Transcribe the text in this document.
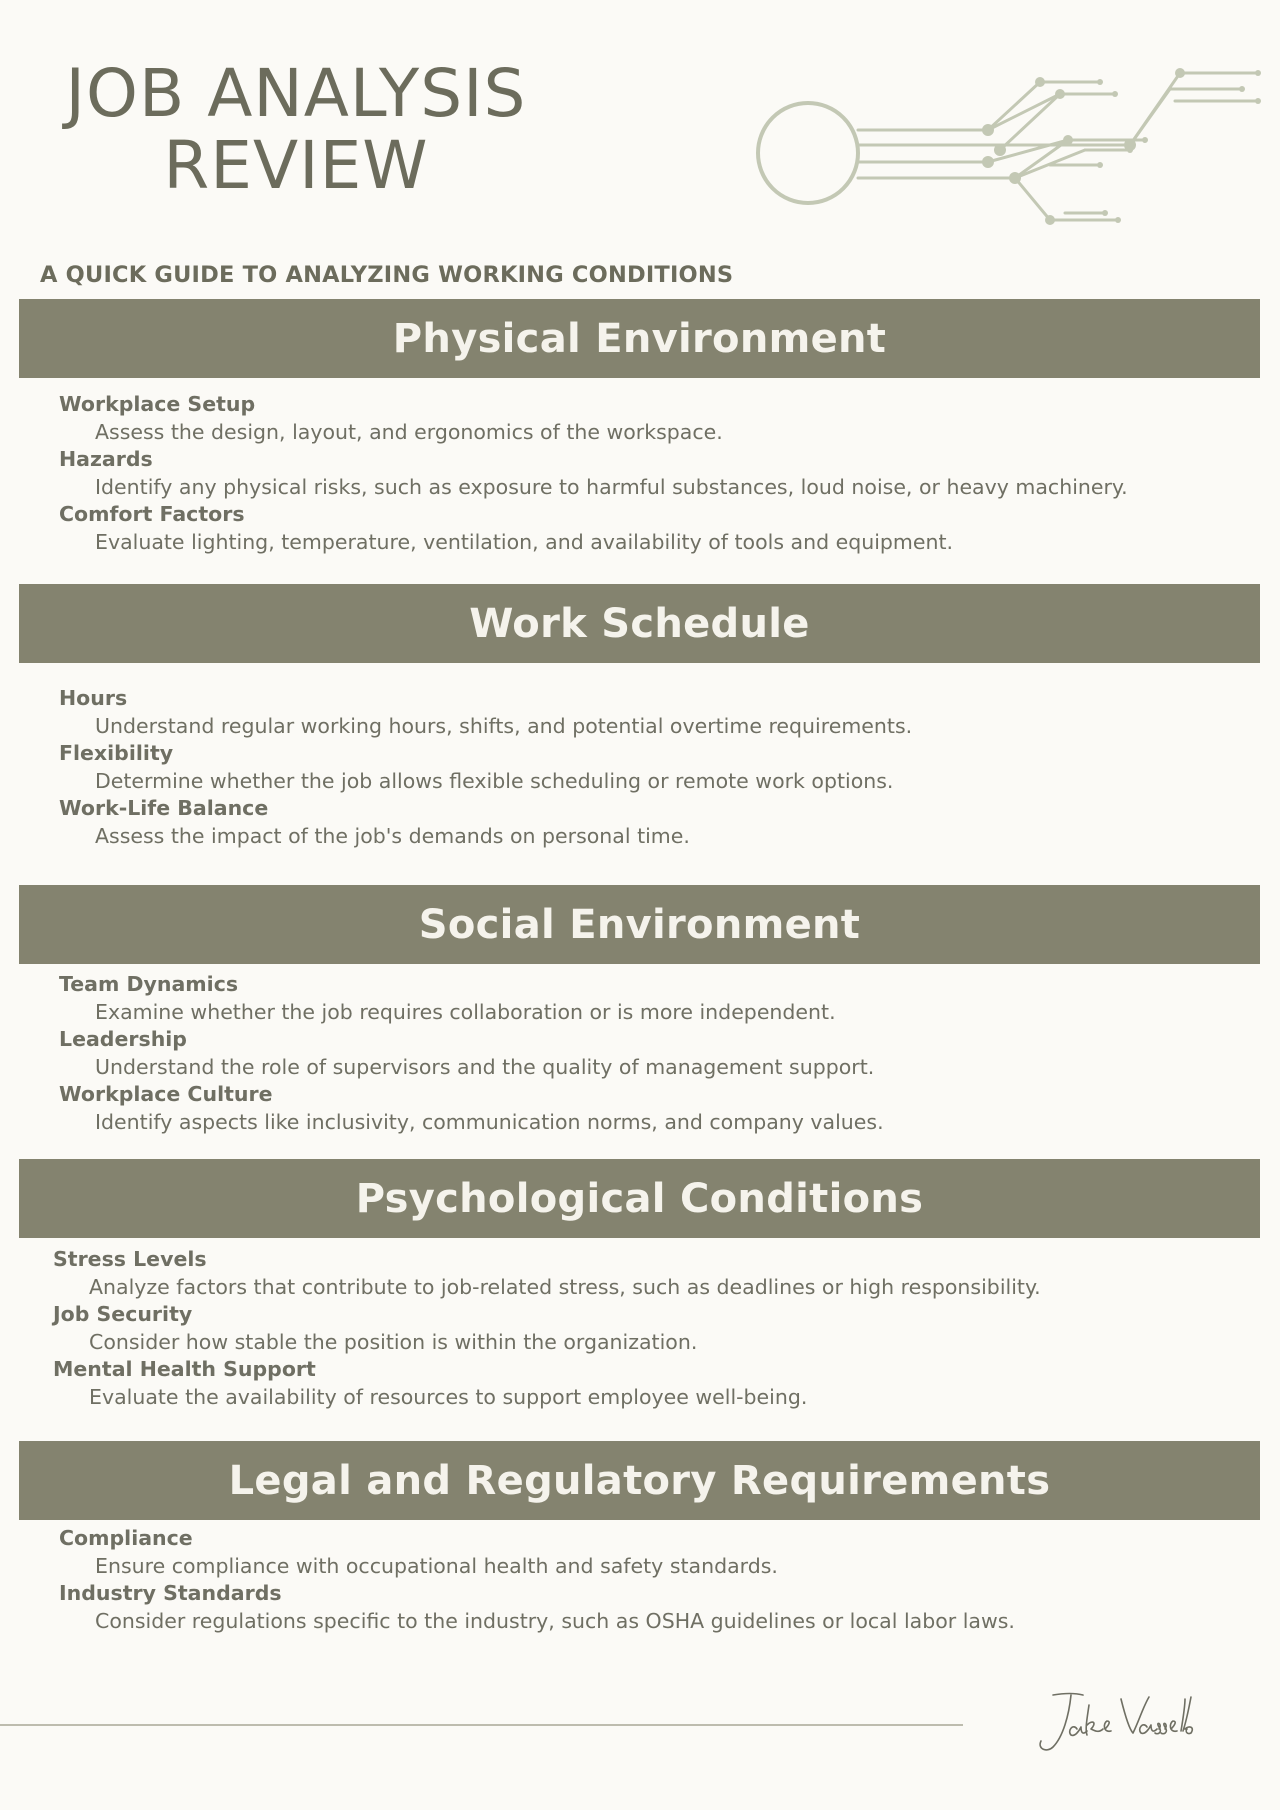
JOB ANALYSIS
REVIEW

A QUICK GUIDE TO ANALYZING WORKING CONDITIONS

Physical Environment
Workplace Setup
Assess the design, layout, and ergonomics of the workspace.
Hazards
Identify any physical risks, such as exposure to harmful substances, loud noise, or heavy machinery.
Comfort Factors
Evaluate lighting, temperature, ventilation, and availability of tools and equipment.
Work Schedule
Hours
Understand regular working hours, shifts, and potential overtime requirements.
Flexibility
Determine whether the job allows flexible scheduling or remote work options.
Work-Life Balance
Assess the impact of the job's demands on personal time.
Social Environment
Team Dynamics
Examine whether the job requires collaboration or is more independent.
Leadership
Understand the role of supervisors and the quality of management support.
Workplace Culture
Identify aspects like inclusivity, communication norms, and company values.
Psychological Conditions
Stress Levels
Analyze factors that contribute to job-related stress, such as deadlines or high responsibility.
Job Security
Consider how stable the position is within the organization.
Mental Health Support
Evaluate the availability of resources to support employee well-being.
Legal and Regulatory Requirements
Compliance
Ensure compliance with occupational health and safety standards.
Industry Standards
Consider regulations specific to the industry, such as OSHA guidelines or local labor laws.
